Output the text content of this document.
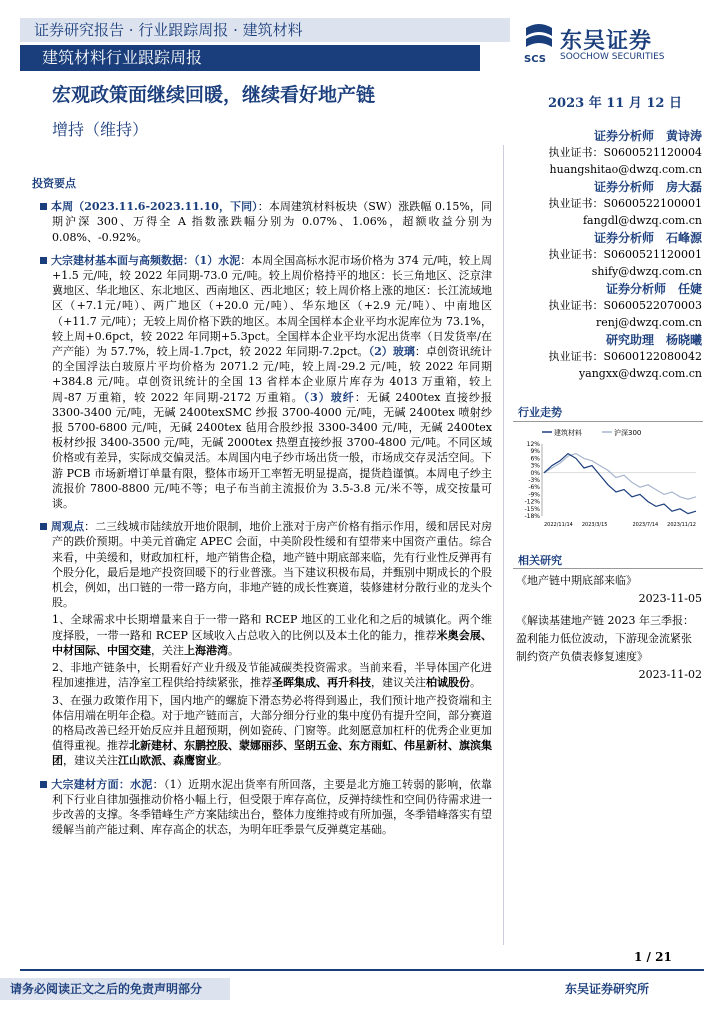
证券研究报告 · 行业跟踪周报 · 建筑材料
建筑材料行业跟踪周报	SCS
东吴证券
SOOCHOW SECURITIES
宏观政策面继续回暖，继续看好地产链	2023 年 11 月 12 日
增持（维持）	证券分析师　 黄诗涛
执业证书：S0600521120004
huangshitao@dwzq.com.cn
证券分析师　 房大磊
执业证书：S0600522100001
fangdl@dwzq.com.cn
证券分析师　 石峰源
执业证书：S0600521120001
shify@dwzq.com.cn
证券分析师　 任婕
执业证书：S0600522070003
renj@dwzq.com.cn
研究助理　 杨晓曦
执业证书：S0600122080042
yangxx@dwzq.com.cn
投资要点

本周（2023.11.6-2023.11.10，下同）：本周建筑材料板块（SW）涨跌幅 0.15%，同期沪深 300、万得全 A 指数涨跌幅分别为 0.07%、1.06%，超额收益分别为 0.08%、-0.92%。

大宗建材基本面与高频数据：（1）水泥：本周全国高标水泥市场价格为 374 元/吨，较上周+1.5 元/吨，较 2022 年同期-73.0 元/吨。较上周价格持平的地区：长三角地区、泛京津冀地区、华北地区、东北地区、西南地区、西北地区；较上周价格上涨的地区：长江流域地区（+7.1元/吨）、两广地区（+20.0 元/吨）、华东地区（+2.9 元/吨）、中南地区（+11.7 元/吨）；无较上周价格下跌的地区。本周全国样本企业平均水泥库位为 73.1%，较上周+0.6pct，较 2022 年同期+5.3pct。全国样本企业平均水泥出货率（日发货率/在产产能）为 57.7%，较上周-1.7pct，较 2022 年同期-7.2pct。（2）玻璃：卓创资讯统计的全国浮法白玻原片平均价格为 2071.2 元/吨，较上周-29.2 元/吨，较 2022 年同期+384.8 元/吨。卓创资讯统计的全国 13 省样本企业原片库存为 4013 万重箱，较上周-87 万重箱，较 2022 年同期-2172 万重箱。（3）玻纤：无碱 2400tex 直接纱报 3300-3400 元/吨，无碱 2400texSMC 纱报 3700-4000 元/吨，无碱 2400tex 喷射纱报 5700-6800 元/吨，无碱 2400tex 毡用合股纱报 3300-3400 元/吨，无碱 2400tex 板材纱报 3400-3500 元/吨，无碱 2000tex 热塑直接纱报 3700-4800 元/吨。不同区域价格或有差异，实际成交偏灵活。本周国内电子纱市场出货一般，市场成交存灵活空间。下游 PCB 市场新增订单量有限，整体市场开工率暂无明显提高，提货趋谨慎。本周电子纱主流报价 7800-8800 元/吨不等；电子布当前主流报价为 3.5-3.8 元/米不等，成交按量可谈。

周观点：二三线城市陆续放开地价限制，地价上涨对于房产价格有指示作用，缓和居民对房产的跌价预期。中美元首确定 APEC 会面，中美阶段性缓和有望带来中国资产重估。综合来看，中美缓和，财政加杠杆，地产销售企稳，地产链中期底部来临，先有行业性反弹再有个股分化，最后是地产投资回暖下的行业普涨。当下建议积极布局，并甄别中期成长的个股机会，例如，出口链的一带一路方向，非地产链的成长性赛道，装修建材分散行业的龙头个股。

1、全球需求中长期增量来自于一带一路和 RCEP 地区的工业化和之后的城镇化。两个维度择股，一带一路和 RCEP 区域收入占总收入的比例以及本土化的能力，推荐米奥会展、中材国际、中国交建，关注上海港湾。

2、非地产链条中，长期看好产业升级及节能减碳类投资需求。当前来看，半导体国产化进程加速推进，洁净室工程供给持续紧张，推荐圣晖集成、再升科技，建议关注柏诚股份。

3、在强力政策作用下，国内地产的螺旋下滑态势必将得到遏止，我们预计地产投资端和主体信用端在明年企稳。对于地产链而言，大部分细分行业的集中度仍有提升空间，部分赛道的格局改善已经开始反应并且超预期，例如瓷砖、门窗等。此刻愿意加杠杆的优秀企业更加值得重视。推荐北新建材、东鹏控股、蒙娜丽莎、坚朗五金、东方雨虹、伟星新材、旗滨集团，建议关注江山欧派、森鹰窗业。

大宗建材方面：水泥：（1）近期水泥出货率有所回落，主要是北方施工转弱的影响，依靠利下行业自律加强推动价格小幅上行，但受限于库存高位，反弹持续性和空间仍待需求进一步改善的支撑。冬季错峰生产方案陆续出台，整体力度维持或有所加强，冬季错峰落实有望缓解当前产能过剩、库存高企的状态，为明年旺季景气反弹奠定基础。

行业走势
建筑材料	沪深300
12%
9%
6%
3%
0%
-3%
-6%
-9%
-12%
-15%
-18%
2022/11/14 2023/3/15	2023/7/14 2023/11/12
相关研究
《地产链中期底部来临》
2023-11-05
《解读基建地产链 2023 年三季报：盈利能力低位波动，下游现金流紧张制约资产负债表修复速度》
2023-11-02
1 / 21
请务必阅读正文之后的免责声明部分	东吴证券研究所
